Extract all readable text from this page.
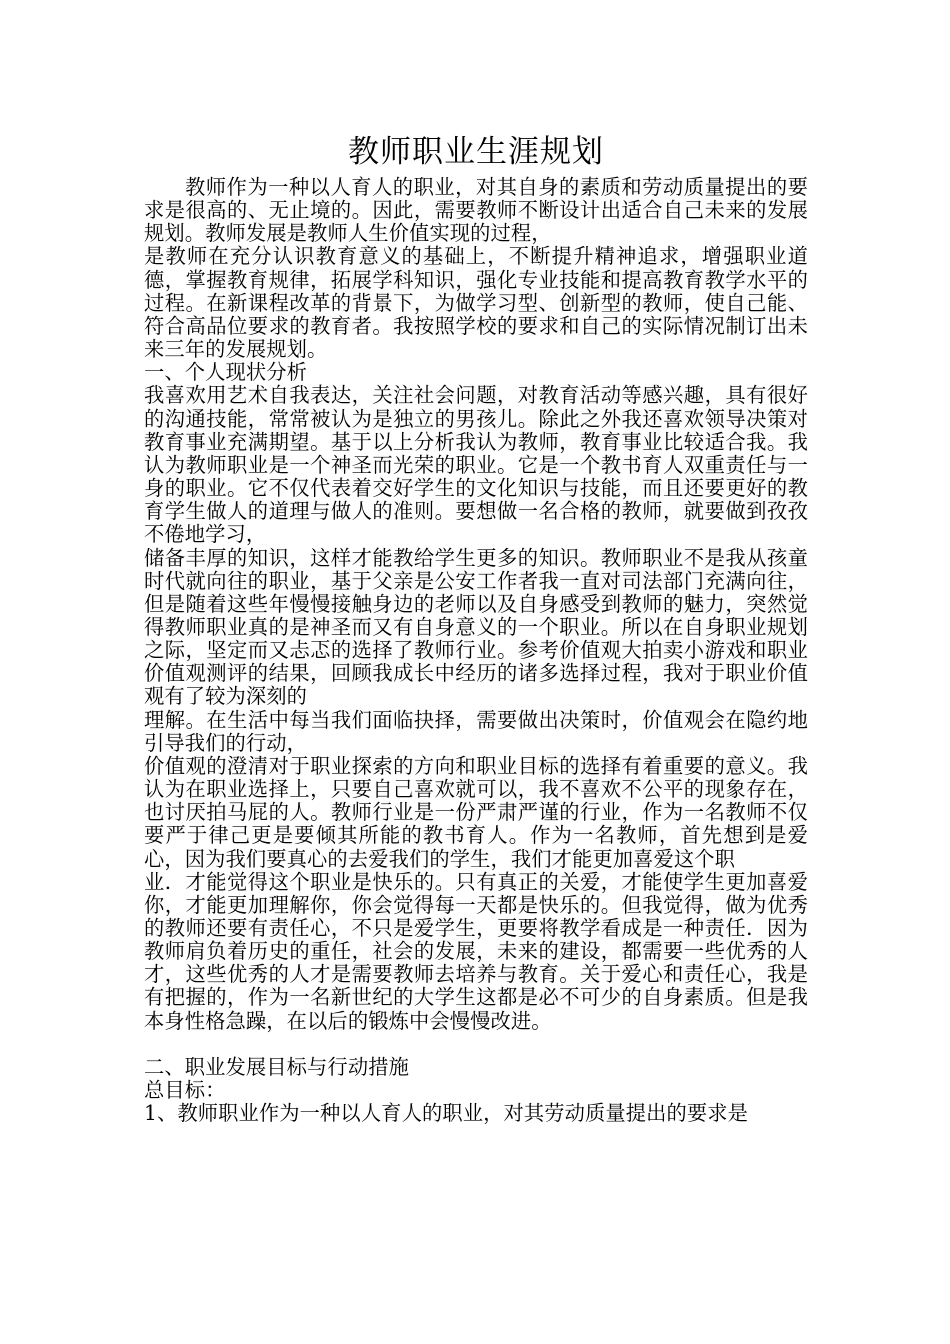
教师职业生涯规划

教师作为一种以人育人的职业，对其自身的素质和劳动质量提出的要求是很高的、无止境的。因此，需要教师不断设计出适合自己未来的发展规划。教师发展是教师人生价值实现的过程，

是教师在充分认识教育意义的基础上，不断提升精神追求，增强职业道德，掌握教育规律，拓展学科知识，强化专业技能和提高教育教学水平的过程。在新课程改革的背景下，为做学习型、创新型的教师，使自己能、符合高品位要求的教育者。我按照学校的要求和自己的实际情况制订出未来三年的发展规划。

一、个人现状分析

我喜欢用艺术自我表达，关注社会问题，对教育活动等感兴趣，具有很好的沟通技能，常常被认为是独立的男孩儿。除此之外我还喜欢领导决策对教育事业充满期望。基于以上分析我认为教师，教育事业比较适合我。我认为教师职业是一个神圣而光荣的职业。它是一个教书育人双重责任与一身的职业。它不仅代表着交好学生的文化知识与技能，而且还要更好的教育学生做人的道理与做人的准则。要想做一名合格的教师，就要做到孜孜不倦地学习，

储备丰厚的知识，这样才能教给学生更多的知识。教师职业不是我从孩童时代就向往的职业，基于父亲是公安工作者我一直对司法部门充满向往，但是随着这些年慢慢接触身边的老师以及自身感受到教师的魅力，突然觉得教师职业真的是神圣而又有自身意义的一个职业。所以在自身职业规划之际，坚定而又忐忑的选择了教师行业。参考价值观大拍卖小游戏和职业价值观测评的结果，回顾我成长中经历的诸多选择过程，我对于职业价值观有了较为深刻的

理解。在生活中每当我们面临抉择，需要做出决策时，价值观会在隐约地引导我们的行动，

价值观的澄清对于职业探索的方向和职业目标的选择有着重要的意义。我认为在职业选择上，只要自己喜欢就可以，我不喜欢不公平的现象存在，也讨厌拍马屁的人。教师行业是一份严肃严谨的行业，作为一名教师不仅要严于律己更是要倾其所能的教书育人。作为一名教师，首先想到是爱心，因为我们要真心的去爱我们的学生，我们才能更加喜爱这个职

业．才能觉得这个职业是快乐的。只有真正的关爱，才能使学生更加喜爱你，才能更加理解你，你会觉得每一天都是快乐的。但我觉得，做为优秀的教师还要有责任心，不只是爱学生，更要将教学看成是一种责任．因为教师肩负着历史的重任，社会的发展，未来的建设，都需要一些优秀的人才，这些优秀的人才是需要教师去培养与教育。关于爱心和责任心，我是有把握的，作为一名新世纪的大学生这都是必不可少的自身素质。但是我本身性格急躁，在以后的锻炼中会慢慢改进。

二、职业发展目标与行动措施

总目标：

1、教师职业作为一种以人育人的职业，对其劳动质量提出的要求是
